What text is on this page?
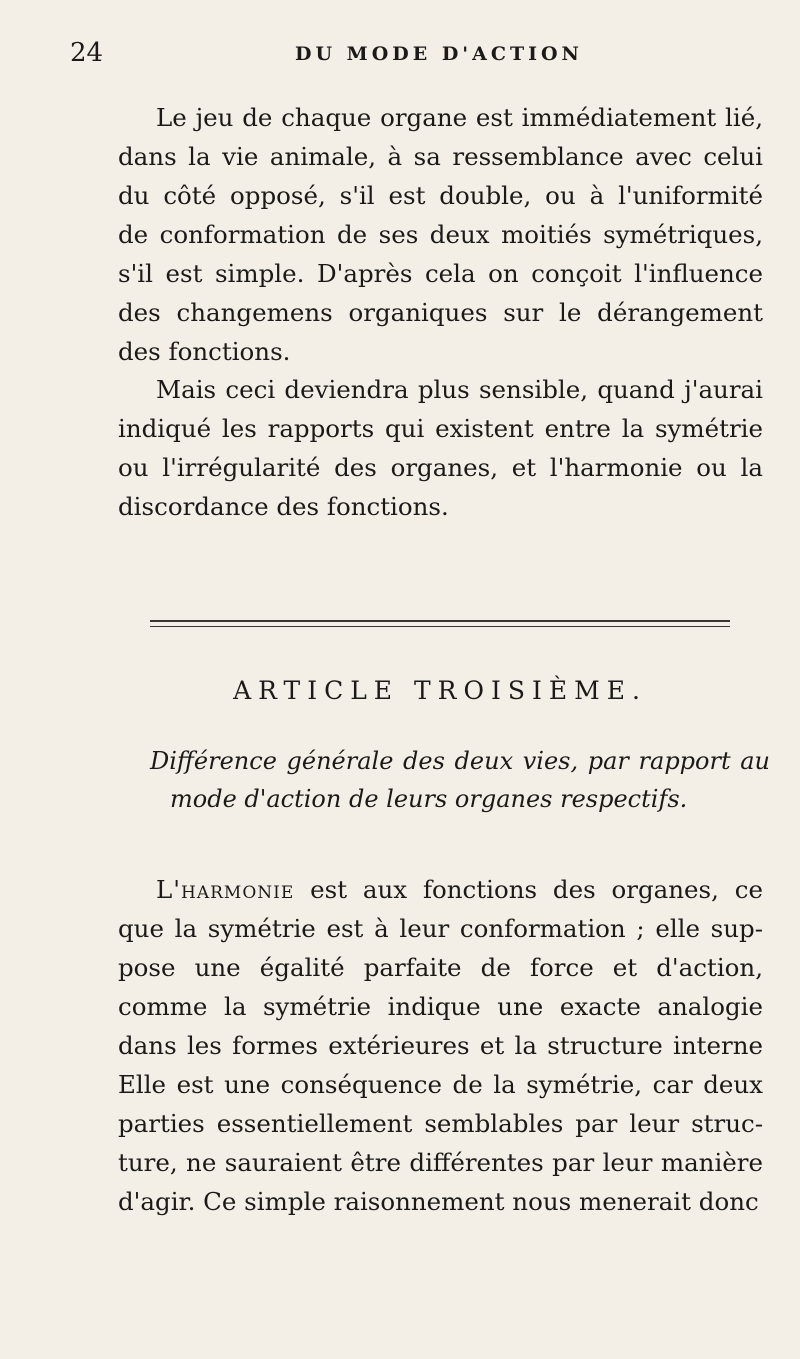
24	DU MODE D'ACTION
Le jeu de chaque organe est immédiatement lié,
dans la vie animale, à sa ressemblance avec celui
du côté opposé, s'il est double, ou à l'uniformité
de conformation de ses deux moitiés symétriques,
s'il est simple. D'après cela on conçoit l'influence
des changemens organiques sur le dérangement
des fonctions.
Mais ceci deviendra plus sensible, quand j'aurai
indiqué les rapports qui existent entre la symétrie
ou l'irrégularité des organes, et l'harmonie ou la
discordance des fonctions.
ARTICLE TROISIÈME.
Différence générale des deux vies, par rapport au
mode d'action de leurs organes respectifs.
L'harmonie est aux fonctions des organes, ce
que la symétrie est à leur conformation ; elle sup-
pose une égalité parfaite de force et d'action,
comme la symétrie indique une exacte analogie
dans les formes extérieures et la structure interne
Elle est une conséquence de la symétrie, car deux
parties essentiellement semblables par leur struc-
ture, ne sauraient être différentes par leur manière
d'agir. Ce simple raisonnement nous menerait donc
